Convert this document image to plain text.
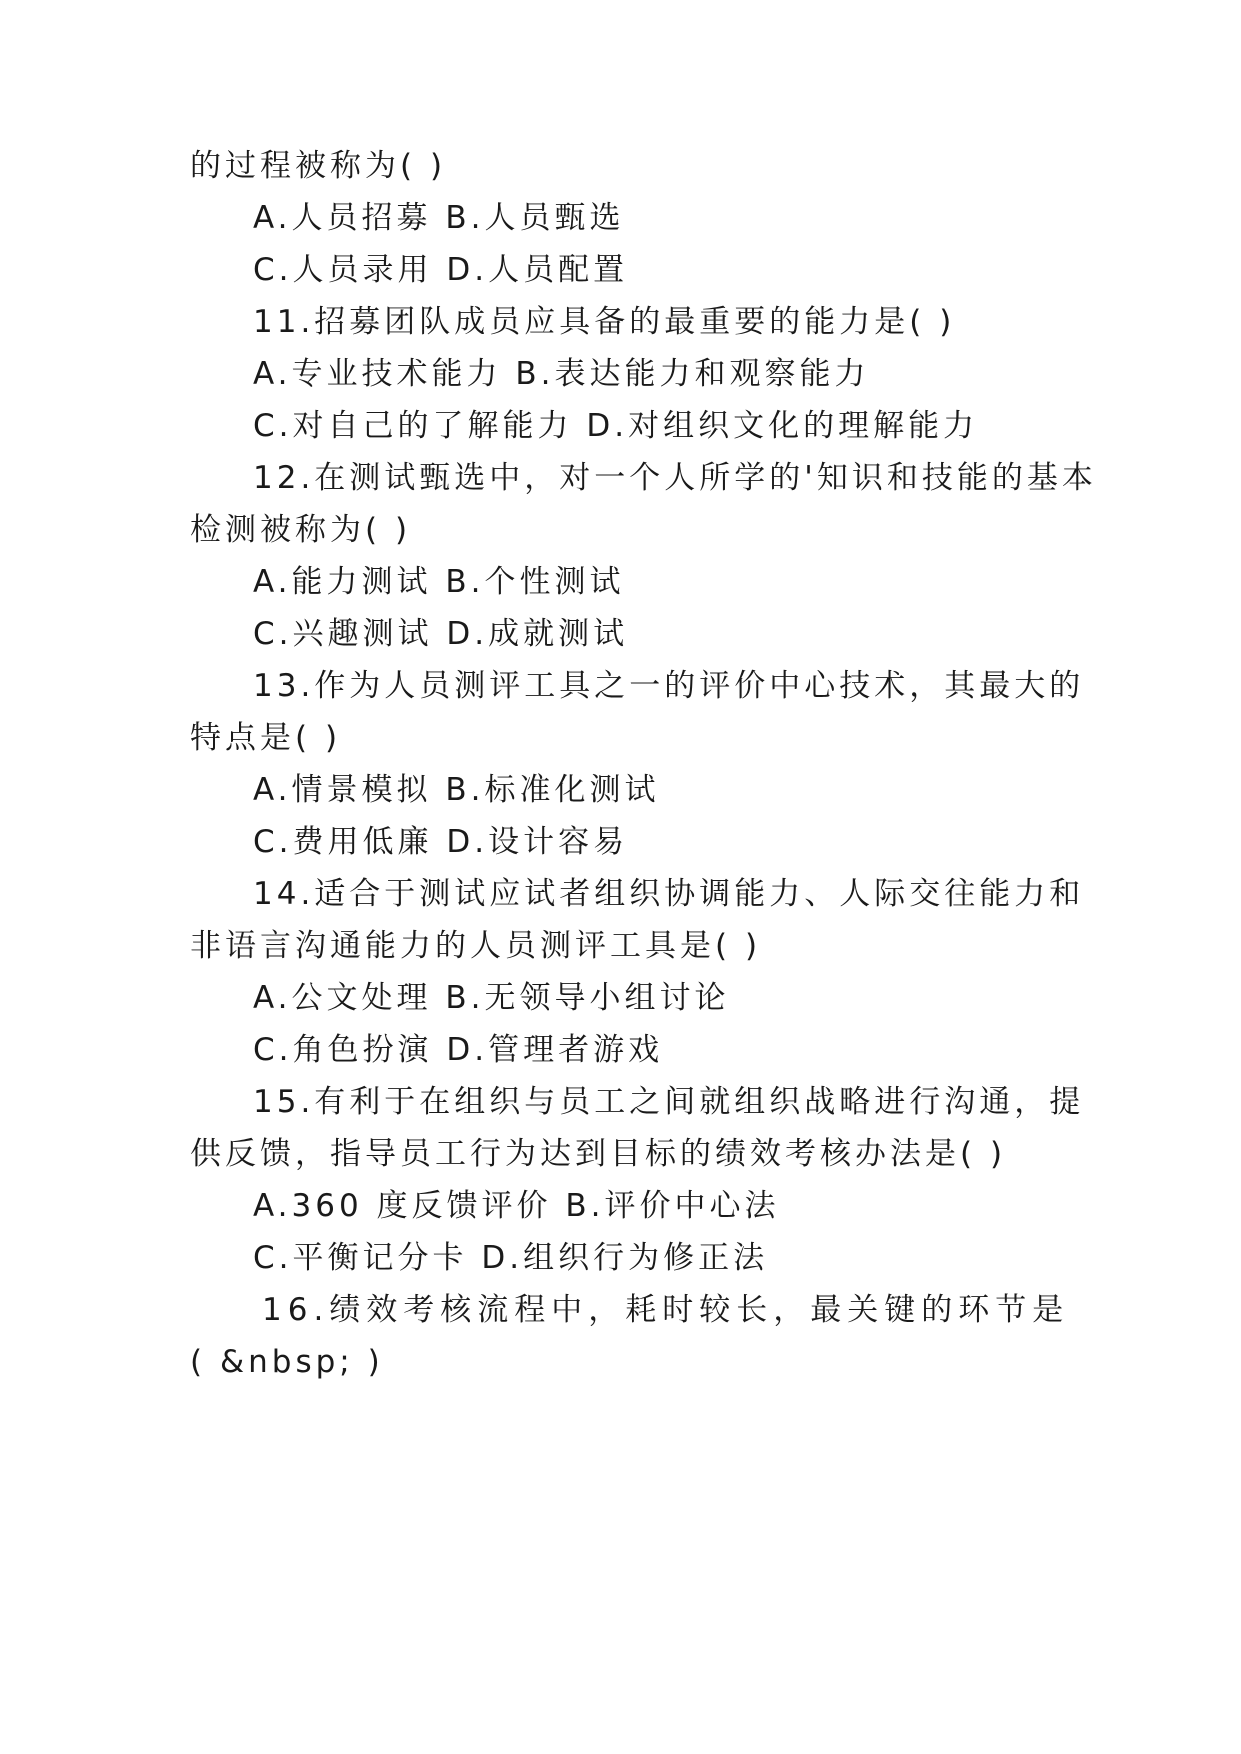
的过程被称为( )
A.人员招募 B.人员甄选
C.人员录用 D.人员配置
11.招募团队成员应具备的最重要的能力是( )
A.专业技术能力 B.表达能力和观察能力
C.对自己的了解能力 D.对组织文化的理解能力
12.在测试甄选中，对一个人所学的'知识和技能的基本
检测被称为( )
A.能力测试 B.个性测试
C.兴趣测试 D.成就测试
13.作为人员测评工具之一的评价中心技术，其最大的
特点是( )
A.情景模拟 B.标准化测试
C.费用低廉 D.设计容易
14.适合于测试应试者组织协调能力、人际交往能力和
非语言沟通能力的人员测评工具是( )
A.公文处理 B.无领导小组讨论
C.角色扮演 D.管理者游戏
15.有利于在组织与员工之间就组织战略进行沟通，提
供反馈，指导员工行为达到目标的绩效考核办法是( )
A.360 度反馈评价 B.评价中心法
C.平衡记分卡 D.组织行为修正法
16.绩效考核流程中，耗时较长，最关键的环节是
( &nbsp; )
